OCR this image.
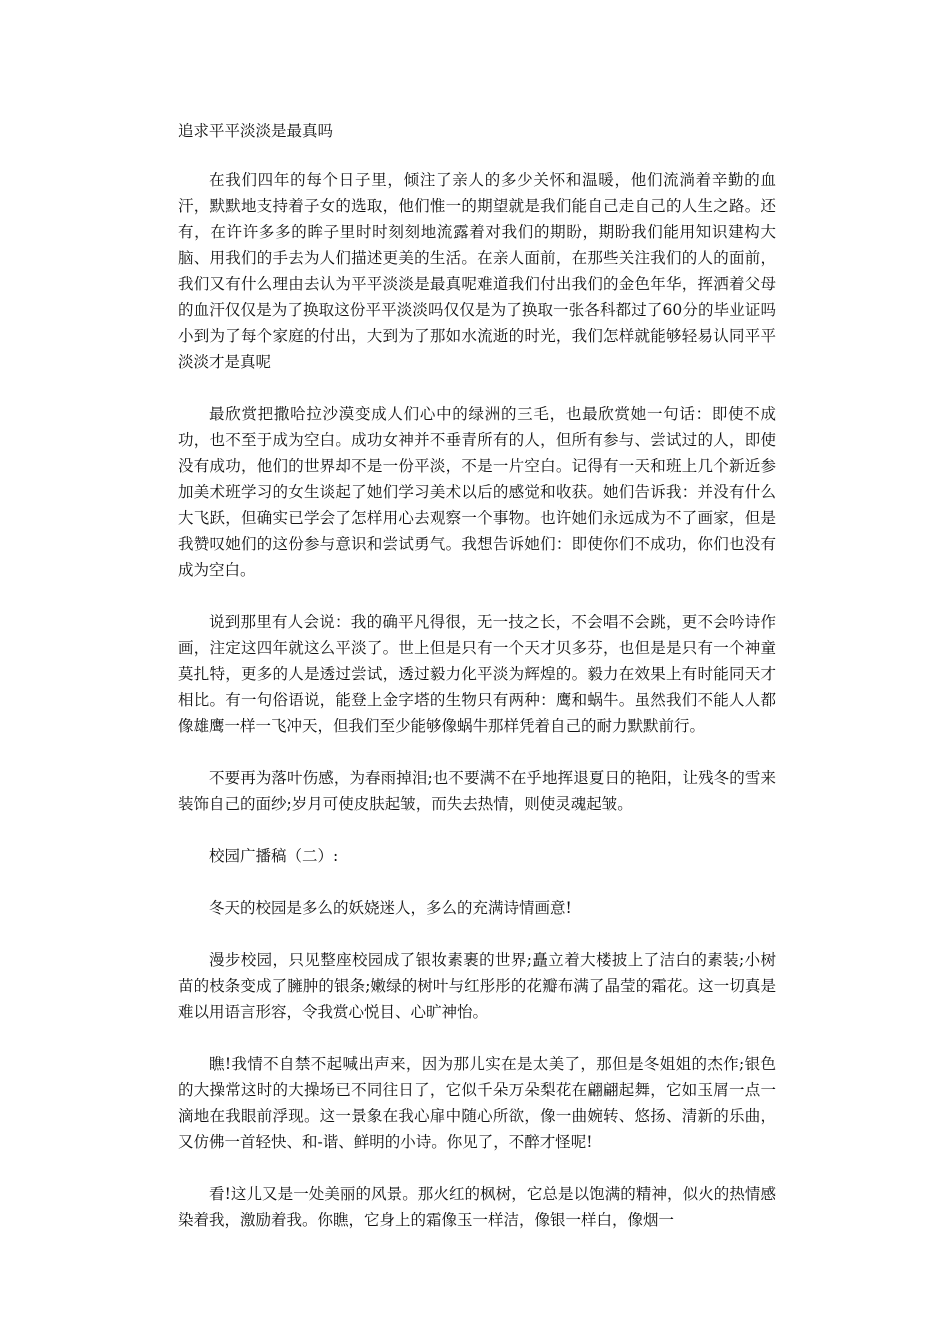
追求平平淡淡是最真吗

在我们四年的每个日子里，倾注了亲人的多少关怀和温暖，他们流淌着辛勤的血汗，默默地支持着子女的选取，他们惟一的期望就是我们能自己走自己的人生之路。还有，在许许多多的眸子里时时刻刻地流露着对我们的期盼，期盼我们能用知识建构大脑、用我们的手去为人们描述更美的生活。在亲人面前，在那些关注我们的人的面前，我们又有什么理由去认为平平淡淡是最真呢难道我们付出我们的金色年华，挥洒着父母的血汗仅仅是为了换取这份平平淡淡吗仅仅是为了换取一张各科都过了60分的毕业证吗小到为了每个家庭的付出，大到为了那如水流逝的时光，我们怎样就能够轻易认同平平淡淡才是真呢

最欣赏把撒哈拉沙漠变成人们心中的绿洲的三毛，也最欣赏她一句话：即使不成功，也不至于成为空白。成功女神并不垂青所有的人，但所有参与、尝试过的人，即使没有成功，他们的世界却不是一份平淡，不是一片空白。记得有一天和班上几个新近参加美术班学习的女生谈起了她们学习美术以后的感觉和收获。她们告诉我：并没有什么大飞跃，但确实已学会了怎样用心去观察一个事物。也许她们永远成为不了画家，但是我赞叹她们的这份参与意识和尝试勇气。我想告诉她们：即使你们不成功，你们也没有成为空白。

说到那里有人会说：我的确平凡得很，无一技之长，不会唱不会跳，更不会吟诗作画，注定这四年就这么平淡了。世上但是只有一个天才贝多芬，也但是是只有一个神童莫扎特，更多的人是透过尝试，透过毅力化平淡为辉煌的。毅力在效果上有时能同天才相比。有一句俗语说，能登上金字塔的生物只有两种：鹰和蜗牛。虽然我们不能人人都像雄鹰一样一飞冲天，但我们至少能够像蜗牛那样凭着自己的耐力默默前行。

不要再为落叶伤感，为春雨掉泪;也不要满不在乎地挥退夏日的艳阳，让残冬的雪来装饰自己的面纱;岁月可使皮肤起皱，而失去热情，则使灵魂起皱。

校园广播稿（二）:

冬天的校园是多么的妖娆迷人，多么的充满诗情画意!

漫步校园，只见整座校园成了银妆素裹的世界;矗立着大楼披上了洁白的素装;小树苗的枝条变成了臃肿的银条;嫩绿的树叶与红彤彤的花瓣布满了晶莹的霜花。这一切真是难以用语言形容，令我赏心悦目、心旷神怡。

瞧!我情不自禁不起喊出声来，因为那儿实在是太美了，那但是冬姐姐的杰作;银色的大操常这时的大操场已不同往日了，它似千朵万朵梨花在翩翩起舞，它如玉屑一点一滴地在我眼前浮现。这一景象在我心扉中随心所欲，像一曲婉转、悠扬、清新的乐曲，又仿佛一首轻快、和-谐、鲜明的小诗。你见了，不醉才怪呢!

看!这儿又是一处美丽的风景。那火红的枫树，它总是以饱满的精神，似火的热情感染着我，激励着我。你瞧，它身上的霜像玉一样洁，像银一样白，像烟一
